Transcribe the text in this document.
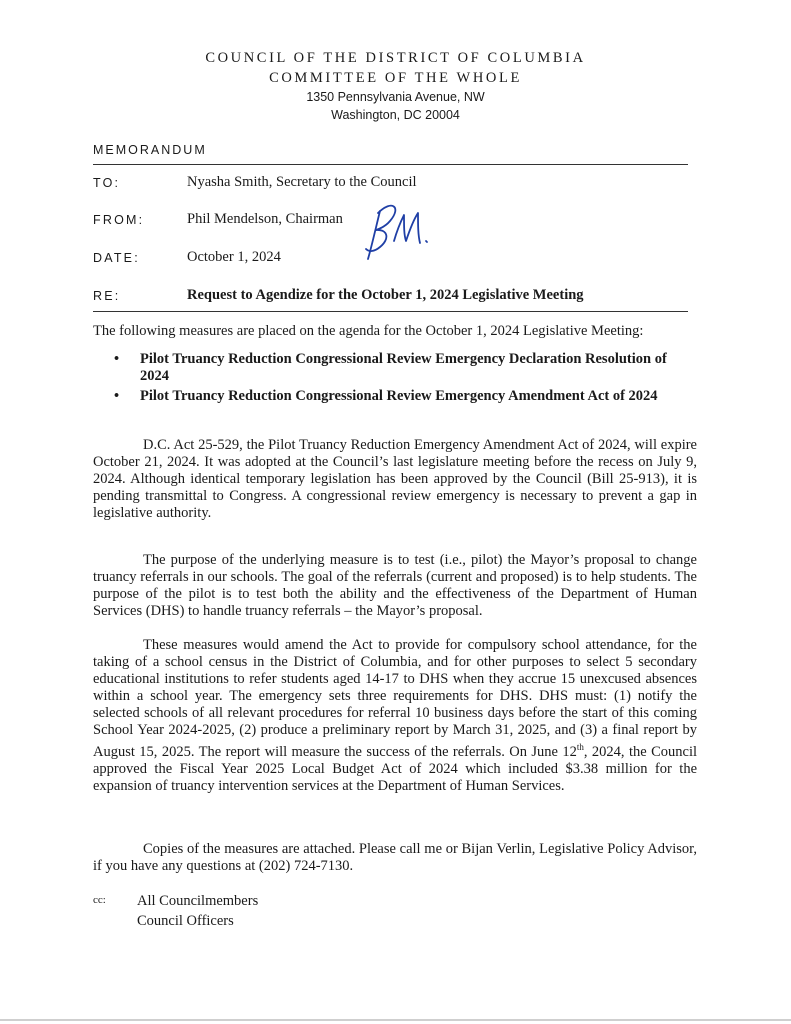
COUNCIL OF THE DISTRICT OF COLUMBIA
COMMITTEE OF THE WHOLE
1350 Pennsylvania Avenue, NW
Washington, DC 20004
MEMORANDUM
TO:	Nyasha Smith, Secretary to the Council
FROM:	Phil Mendelson, Chairman
DATE:	October 1, 2024
RE:	Request to Agendize for the October 1, 2024 Legislative Meeting
The following measures are placed on the agenda for the October 1, 2024 Legislative Meeting:
• Pilot Truancy Reduction Congressional Review Emergency Declaration Resolution of 2024
• Pilot Truancy Reduction Congressional Review Emergency Amendment Act of 2024

D.C. Act 25-529, the Pilot Truancy Reduction Emergency Amendment Act of 2024, will expire October 21, 2024. It was adopted at the Council’s last legislature meeting before the recess on July 9, 2024. Although identical temporary legislation has been approved by the Council (Bill 25-913), it is pending transmittal to Congress. A congressional review emergency is necessary to prevent a gap in legislative authority.

The purpose of the underlying measure is to test (i.e., pilot) the Mayor’s proposal to change truancy referrals in our schools. The goal of the referrals (current and proposed) is to help students. The purpose of the pilot is to test both the ability and the effectiveness of the Department of Human Services (DHS) to handle truancy referrals – the Mayor’s proposal.

These measures would amend the Act to provide for compulsory school attendance, for the taking of a school census in the District of Columbia, and for other purposes to select 5 secondary educational institutions to refer students aged 14-17 to DHS when they accrue 15 unexcused absences within a school year. The emergency sets three requirements for DHS. DHS must: (1) notify the selected schools of all relevant procedures for referral 10 business days before the start of this coming School Year 2024-2025, (2) produce a preliminary report by March 31, 2025, and (3) a final report by August 15, 2025. The report will measure the success of the referrals. On June 12th, 2024, the Council approved the Fiscal Year 2025 Local Budget Act of 2024 which included $3.38 million for the expansion of truancy intervention services at the Department of Human Services.

Copies of the measures are attached. Please call me or Bijan Verlin, Legislative Policy Advisor, if you have any questions at (202) 724-7130.

cc: All Councilmembers
Council Officers
